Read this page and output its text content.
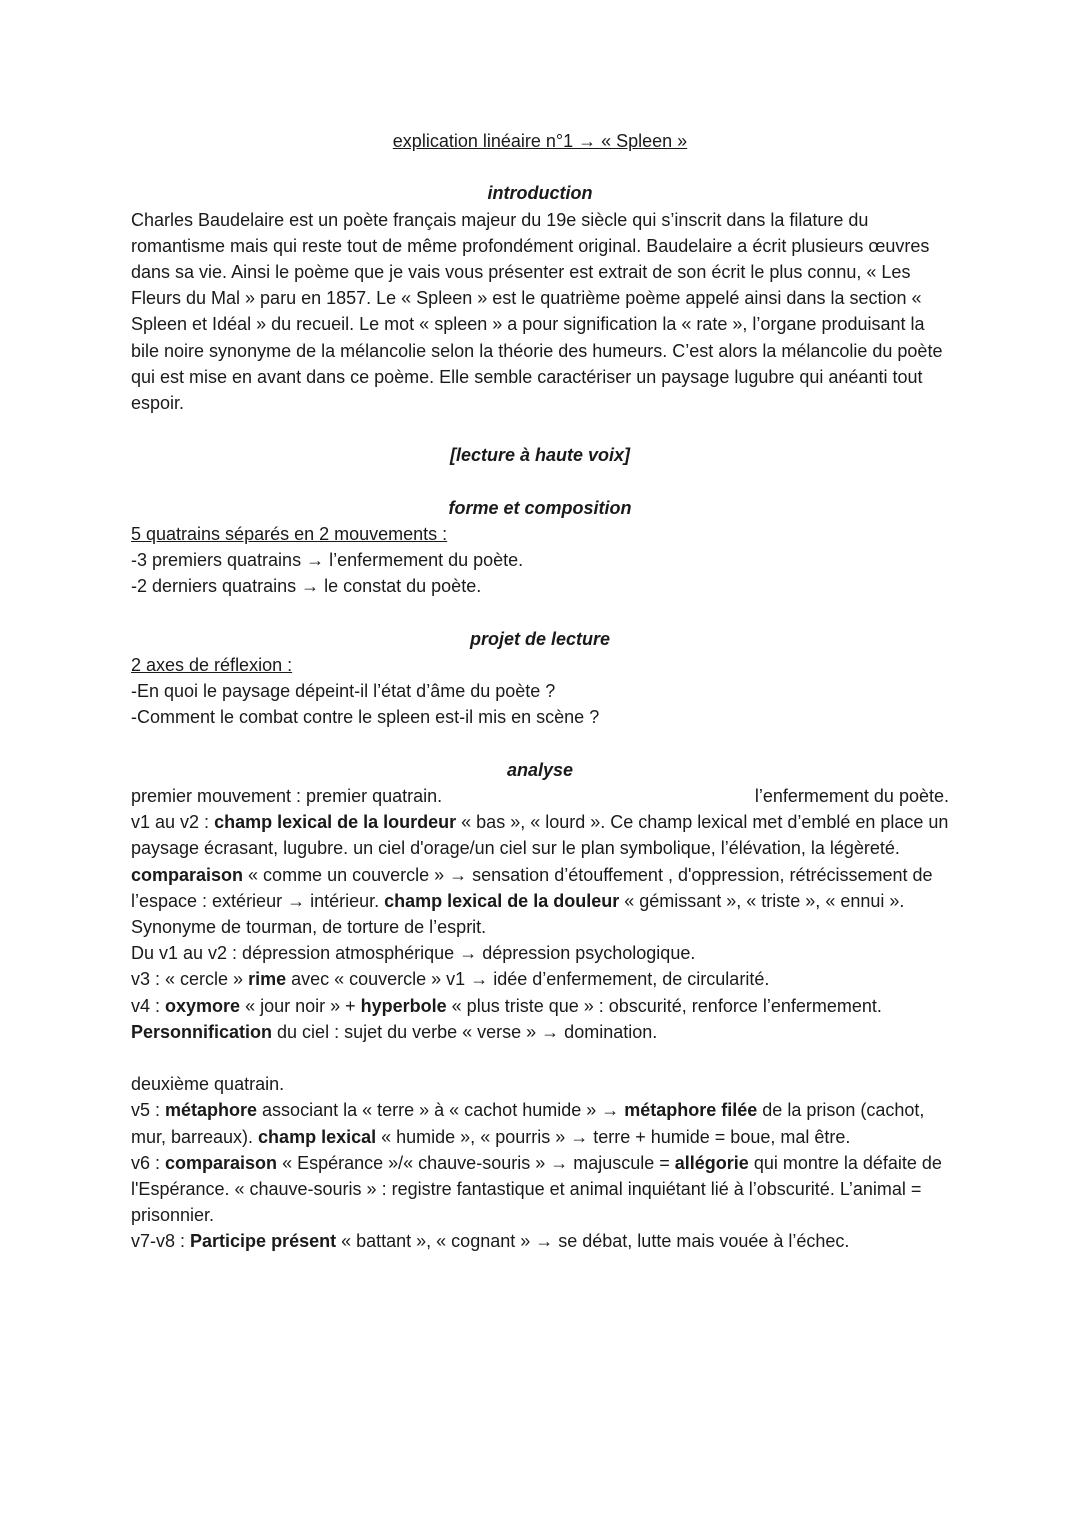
explication linéaire n°1 → « Spleen »

introduction

Charles Baudelaire est un poète français majeur du 19e siècle qui s’inscrit dans la filature du romantisme mais qui reste tout de même profondément original. Baudelaire a écrit plusieurs œuvres dans sa vie. Ainsi le poème que je vais vous présenter est extrait de son écrit le plus connu, « Les Fleurs du Mal » paru en 1857. Le « Spleen » est le quatrième poème appelé ainsi dans la section « Spleen et Idéal » du recueil. Le mot « spleen » a pour signification la « rate », l’organe produisant la bile noire synonyme de la mélancolie selon la théorie des humeurs. C’est alors la mélancolie du poète qui est mise en avant dans ce poème. Elle semble caractériser un paysage lugubre qui anéanti tout espoir.

[lecture à haute voix]

forme et composition

5 quatrains séparés en 2 mouvements :

-3 premiers quatrains → l’enfermement du poète.

-2 derniers quatrains → le constat du poète.

projet de lecture

2 axes de réflexion :

-En quoi le paysage dépeint-il l’état d’âme du poète ?

-Comment le combat contre le spleen est-il mis en scène ?

analyse

premier mouvement : premier quatrain.	l’enfermement du poète.

v1 au v2 : champ lexical de la lourdeur « bas », « lourd ». Ce champ lexical met d’emblé en place un paysage écrasant, lugubre. un ciel d'orage/un ciel sur le plan symbolique, l’élévation, la légèreté. comparaison « comme un couvercle » → sensation d’étouffement , d'oppression, rétrécissement de l’espace : extérieur → intérieur. champ lexical de la douleur « gémissant », « triste », « ennui ». Synonyme de tourman, de torture de l’esprit.

Du v1 au v2 : dépression atmosphérique → dépression psychologique.

v3 : « cercle » rime avec « couvercle » v1 → idée d’enfermement, de circularité.

v4 : oxymore « jour noir » + hyperbole « plus triste que » : obscurité, renforce l’enfermement. Personnification du ciel : sujet du verbe « verse » → domination.

deuxième quatrain.

v5 : métaphore associant la « terre » à « cachot humide » → métaphore filée de la prison (cachot, mur, barreaux). champ lexical « humide », « pourris » → terre + humide = boue, mal être.

v6 : comparaison « Espérance »/« chauve-souris » → majuscule = allégorie qui montre la défaite de l'Espérance. « chauve-souris » : registre fantastique et animal inquiétant lié à l’obscurité. L’animal = prisonnier.

v7-v8 : Participe présent « battant », « cognant » → se débat, lutte mais vouée à l’échec.
